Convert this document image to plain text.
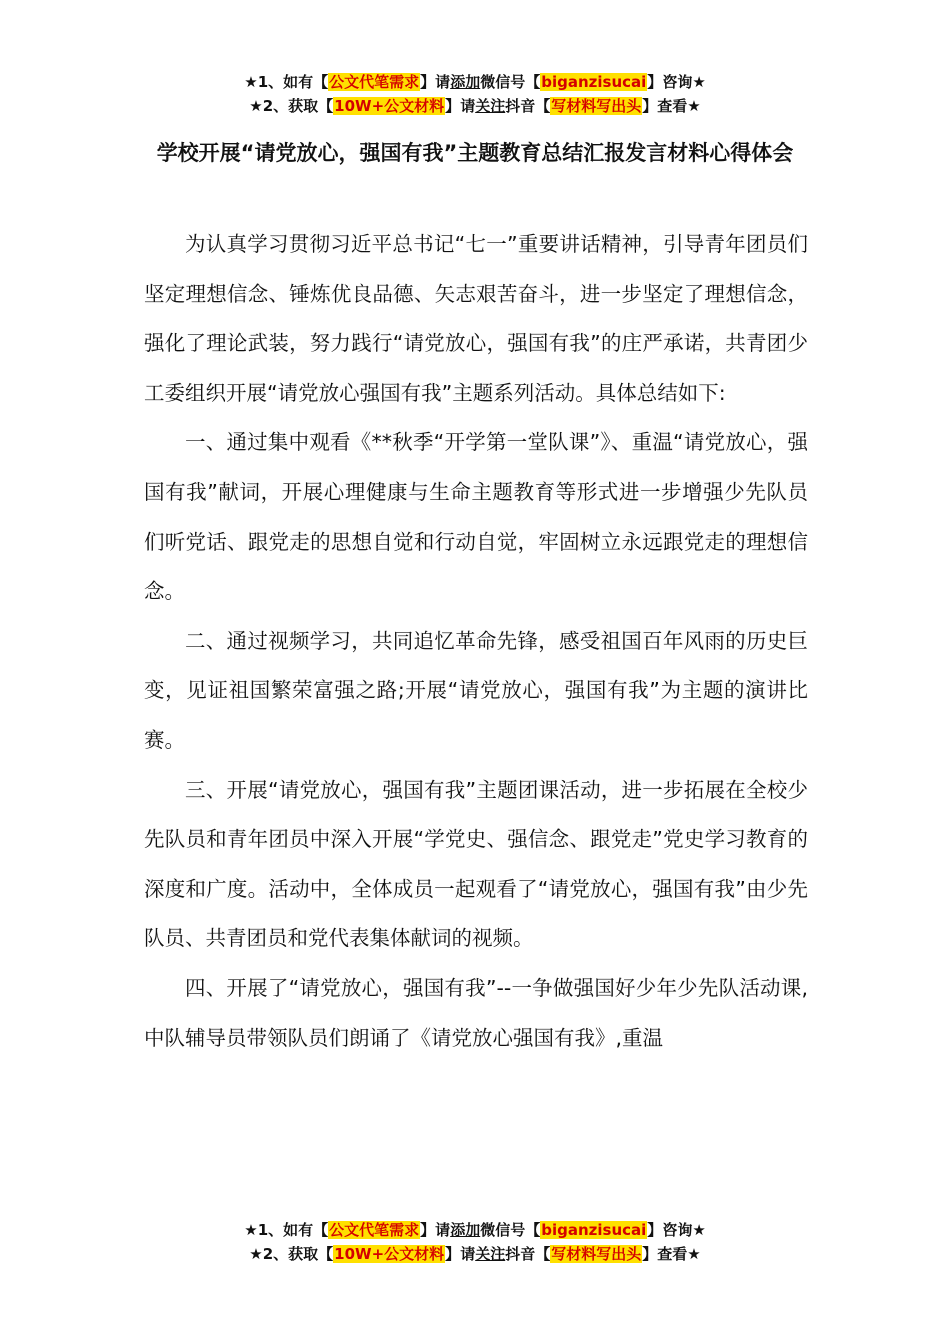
★1、如有【公文代笔需求】请添加微信号【biganzisucai】咨询★
★2、获取【10W+公文材料】请关注抖音【写材料写出头】查看★
学校开展“请党放心，强国有我”主题教育总结汇报发言材料心得体会

为认真学习贯彻习近平总书记“七一”重要讲话精神，引导青年团员们坚定理想信念、锤炼优良品德、矢志艰苦奋斗，进一步坚定了理想信念，强化了理论武装，努力践行“请党放心，强国有我”的庄严承诺，共青团少工委组织开展“请党放心强国有我”主题系列活动。具体总结如下:

一、通过集中观看《**秋季“开学第一堂队课”》、重温“请党放心，强国有我”献词，开展心理健康与生命主题教育等形式进一步增强少先队员们听党话、跟党走的思想自觉和行动自觉，牢固树立永远跟党走的理想信念。

二、通过视频学习，共同追忆革命先锋，感受祖国百年风雨的历史巨变，见证祖国繁荣富强之路;开展“请党放心，强国有我”为主题的演讲比赛。

三、开展“请党放心，强国有我”主题团课活动，进一步拓展在全校少先队员和青年团员中深入开展“学党史、强信念、跟党走”党史学习教育的深度和广度。活动中，全体成员一起观看了“请党放心，强国有我”由少先队员、共青团员和党代表集体献词的视频。

四、开展了“请党放心，强国有我”--一争做强国好少年少先队活动课,中队辅导员带领队员们朗诵了《请党放心强国有我》,重温

★1、如有【公文代笔需求】请添加微信号【biganzisucai】咨询★
★2、获取【10W+公文材料】请关注抖音【写材料写出头】查看★
